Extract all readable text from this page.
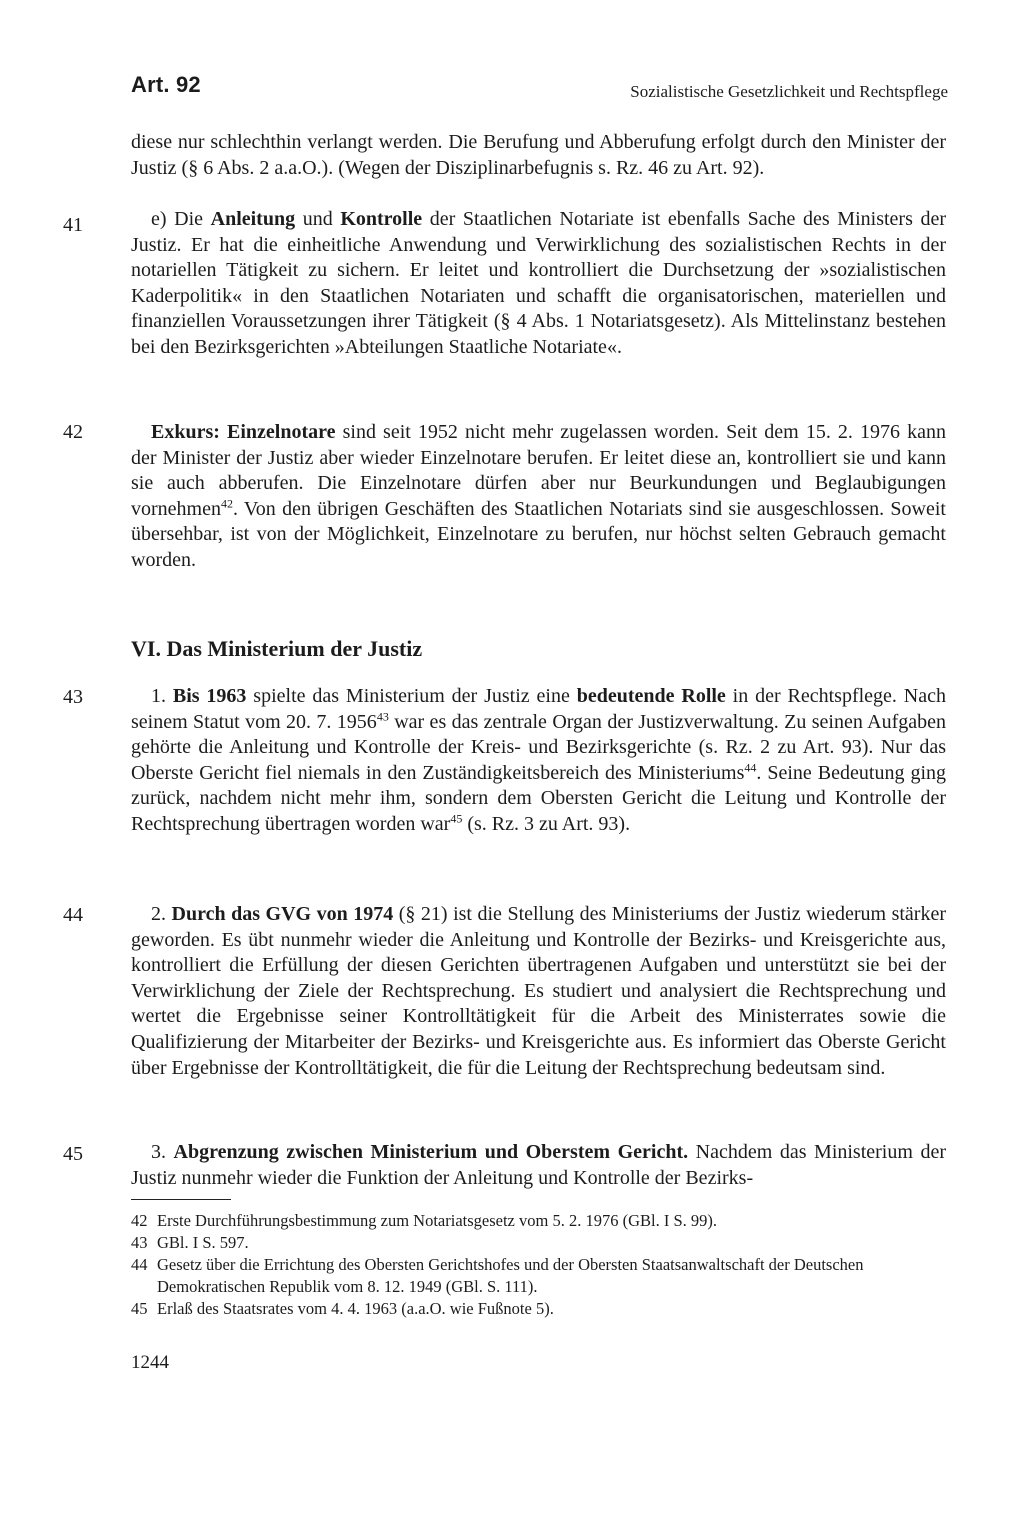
Art. 92	Sozialistische Gesetzlichkeit und Rechtspflege
diese nur schlechthin verlangt werden. Die Berufung und Abberufung erfolgt durch den Minister der Justiz (§ 6 Abs. 2 a.a.O.). (Wegen der Disziplinarbefugnis s. Rz. 46 zu Art. 92).
41	e) Die Anleitung und Kontrolle der Staatlichen Notariate ist ebenfalls Sache des Ministers der Justiz. Er hat die einheitliche Anwendung und Verwirklichung des sozialistischen Rechts in der notariellen Tätigkeit zu sichern. Er leitet und kontrolliert die Durchsetzung der »sozialistischen Kaderpolitik« in den Staatlichen Notariaten und schafft die organisatorischen, materiellen und finanziellen Voraussetzungen ihrer Tätigkeit (§ 4 Abs. 1 Notariatsgesetz). Als Mittelinstanz bestehen bei den Bezirksgerichten »Abteilungen Staatliche Notariate«.
42	Exkurs: Einzelnotare sind seit 1952 nicht mehr zugelassen worden. Seit dem 15. 2. 1976 kann der Minister der Justiz aber wieder Einzelnotare berufen. Er leitet diese an, kontrolliert sie und kann sie auch abberufen. Die Einzelnotare dürfen aber nur Beurkundungen und Beglaubigungen vornehmen$^{42}$. Von den übrigen Geschäften des Staatlichen Notariats sind sie ausgeschlossen. Soweit übersehbar, ist von der Möglichkeit, Einzelnotare zu berufen, nur höchst selten Gebrauch gemacht worden.
VI. Das Ministerium der Justiz
43	1. Bis 1963 spielte das Ministerium der Justiz eine bedeutende Rolle in der Rechtspflege. Nach seinem Statut vom 20. 7. 1956$^{43}$ war es das zentrale Organ der Justizverwaltung. Zu seinen Aufgaben gehörte die Anleitung und Kontrolle der Kreis- und Bezirksgerichte (s. Rz. 2 zu Art. 93). Nur das Oberste Gericht fiel niemals in den Zuständigkeitsbereich des Ministeriums$^{44}$. Seine Bedeutung ging zurück, nachdem nicht mehr ihm, sondern dem Obersten Gericht die Leitung und Kontrolle der Rechtsprechung übertragen worden war$^{45}$ (s. Rz. 3 zu Art. 93).
44	2. Durch das GVG von 1974 (§ 21) ist die Stellung des Ministeriums der Justiz wiederum stärker geworden. Es übt nunmehr wieder die Anleitung und Kontrolle der Bezirks- und Kreisgerichte aus, kontrolliert die Erfüllung der diesen Gerichten übertragenen Aufgaben und unterstützt sie bei der Verwirklichung der Ziele der Rechtsprechung. Es studiert und analysiert die Rechtsprechung und wertet die Ergebnisse seiner Kontrolltätigkeit für die Arbeit des Ministerrates sowie die Qualifizierung der Mitarbeiter der Bezirks- und Kreisgerichte aus. Es informiert das Oberste Gericht über Ergebnisse der Kontrolltätigkeit, die für die Leitung der Rechtsprechung bedeutsam sind.
45	3. Abgrenzung zwischen Ministerium und Oberstem Gericht. Nachdem das Ministerium der Justiz nunmehr wieder die Funktion der Anleitung und Kontrolle der Bezirks-
42 Erste Durchführungsbestimmung zum Notariatsgesetz vom 5. 2. 1976 (GBl. I S. 99).
43 GBl. I S. 597.
44 Gesetz über die Errichtung des Obersten Gerichtshofes und der Obersten Staatsanwaltschaft der Deutschen Demokratischen Republik vom 8. 12. 1949 (GBl. S. 111).
45 Erlaß des Staatsrates vom 4. 4. 1963 (a.a.O. wie Fußnote 5).
1244
